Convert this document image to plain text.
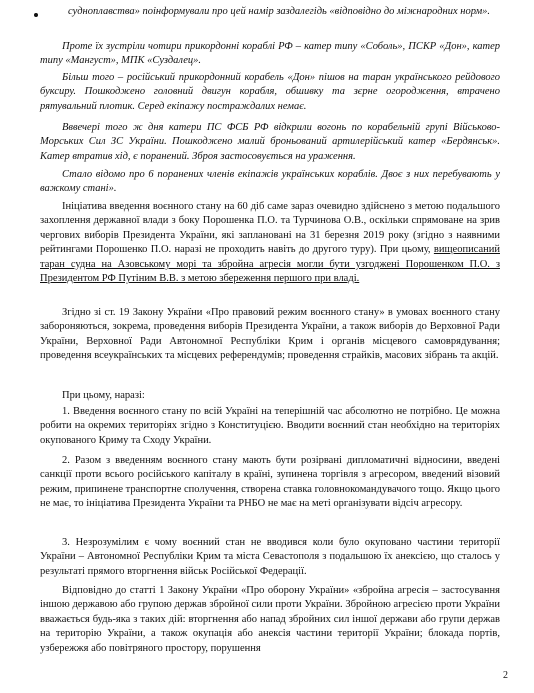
судноплавства» поінформували про цей намір заздалегідь «відповідно до міжнародних норм».

Проте їх зустріли чотири прикордонні кораблі РФ – катер типу «Соболь», ПСКР «Дон», катер типу «Мангуст», МПК «Суздалец».

Більш того – російський прикордонний корабель «Дон» пішов на таран українського рейдового буксиру. Пошкоджено головний двигун корабля, обшивку та зєрне огородження, втрачено рятувальний плотик. Серед екіпажу постраждалих немає.

Вввечері того ж дня катери ПС ФСБ РФ відкрили вогонь по корабельній групі Військово-Морських Сил ЗС України. Пошкоджено малий броньований артилерійський катер «Бердянськ». Катер втратив хід, є поранений. Зброя застосовується на ураження.

Стало відомо про 6 поранених членів екіпажів українських кораблів. Двоє з них перебувають у важкому стані».

Ініціатива введення воєнного стану на 60 діб саме зараз очевидно здійснено з метою подальшого захоплення державної влади з боку Порошенка П.О. та Турчинова О.В., оскільки спрямоване на зрив чергових виборів Президента України, які заплановані на 31 березня 2019 року (згідно з наявними рейтингами Порошенко П.О. наразі не проходить навіть до другого туру). При цьому, вищеописаний таран судна на Азовському морі та збройна агресія могли бути узгоджені Порошенком П.О. з Президентом РФ Путіним В.В. з метою збереження першого при владі.

Згідно зі ст. 19 Закону України «Про правовий режим воєнного стану» в умовах воєнного стану забороняються, зокрема, проведення виборів Президента України, а також виборів до Верховної Ради України, Верховної Ради Автономної Республіки Крим і органів місцевого самоврядування; проведення всеукраїнських та місцевих референдумів; проведення страйків, масових зібрань та акцій.

При цьому, наразі:

1. Введення воєнного стану по всій Україні на теперішній час абсолютно не потрібно. Це можна робити на окремих територіях згідно з Конституцією. Вводити воєнний стан необхідно на територіях окупованого Криму та Сходу України.

2. Разом з введенням воєнного стану мають бути розірвані дипломатичні відносини, введені санкції проти всього російського капіталу в країні, зупинена торгівля з агресором, введений візовий режим, припинене транспортне сполучення, створена ставка головнокомандувачого тощо. Якщо цього не має, то ініціатива Президента України та РНБО не має на меті організувати відсіч агресору.

3. Незрозумілим є чому воєнний стан не вводився коли було окуповано частини території України – Автономної Республіки Крим та міста Севастополя з подальшою їх анексією, що сталось у результаті прямого вторгнення військ Російської Федерації.

Відповідно до статті 1 Закону України «Про оборону України» «збройна агресія – застосування іншою державою або групою держав збройної сили проти України. Збройною агресією проти України вважається будь-яка з таких дій: вторгнення або напад збройних сил іншої держави або групи держав на територію України, а також окупація або анексія частини території України; блокада портів, узбережжя або повітряного простору, порушення

2
